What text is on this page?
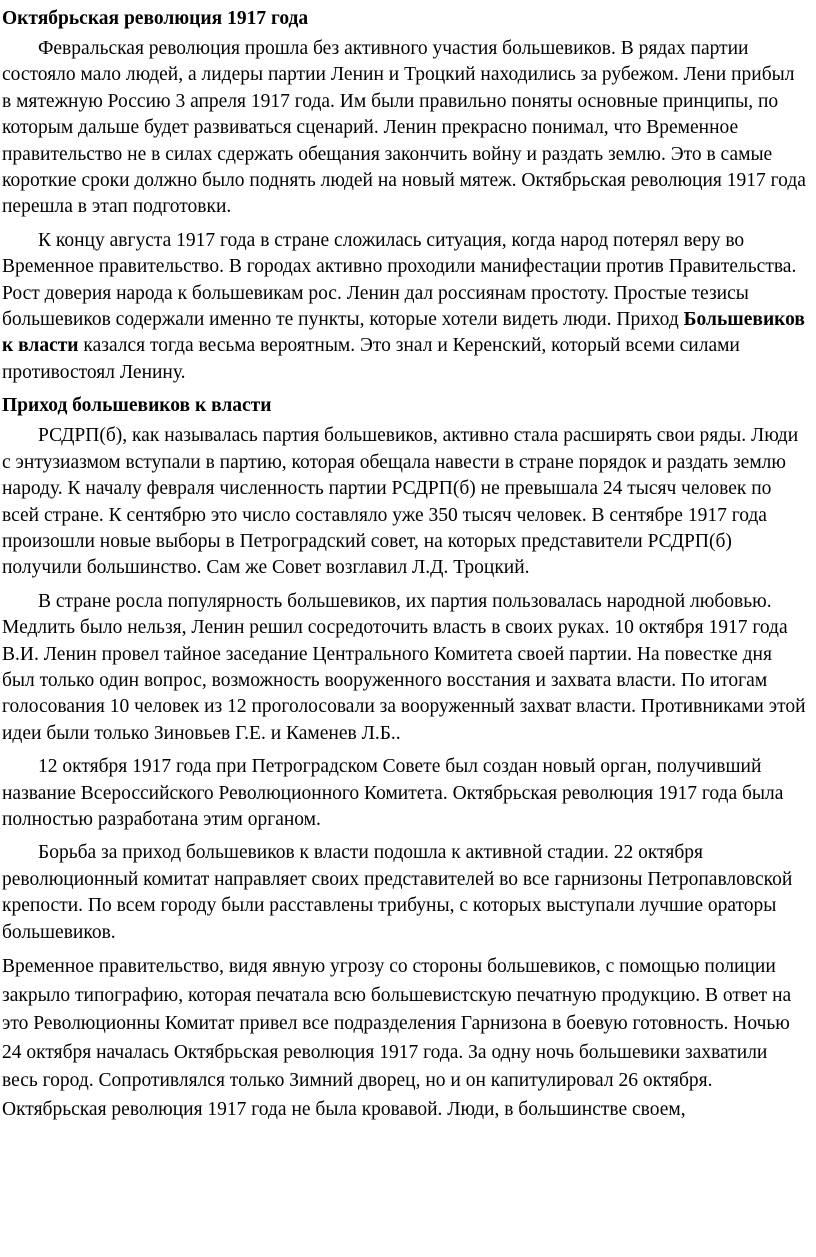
Октябрьская революция 1917 года

Февральская революция прошла без активного участия большевиков. В рядах партии состояло мало людей, а лидеры партии Ленин и Троцкий находились за рубежом. Лени прибыл в мятежную Россию 3 апреля 1917 года. Им были правильно поняты основные принципы, по которым дальше будет развиваться сценарий. Ленин прекрасно понимал, что Временное правительство не в силах сдержать обещания закончить войну и раздать землю. Это в самые короткие сроки должно было поднять людей на новый мятеж. Октябрьская революция 1917 года перешла в этап подготовки.

К концу августа 1917 года в стране сложилась ситуация, когда народ потерял веру во Временное правительство. В городах активно проходили манифестации против Правительства. Рост доверия народа к большевикам рос. Ленин дал россиянам простоту. Простые тезисы большевиков содержали именно те пункты, которые хотели видеть люди. Приход Большевиков к власти казался тогда весьма вероятным. Это знал и Керенский, который всеми силами противостоял Ленину.

Приход большевиков к власти

РСДРП(б), как называлась партия большевиков, активно стала расширять свои ряды. Люди с энтузиазмом вступали в партию, которая обещала навести в стране порядок и раздать землю народу. К началу февраля численность партии РСДРП(б) не превышала 24 тысяч человек по всей стране. К сентябрю это число составляло уже 350 тысяч человек. В сентябре 1917 года произошли новые выборы в Петроградский совет, на которых представители РСДРП(б) получили большинство. Сам же Совет возглавил Л.Д. Троцкий.

В стране росла популярность большевиков, их партия пользовалась народной любовью. Медлить было нельзя, Ленин решил сосредоточить власть в своих руках. 10 октября 1917 года В.И. Ленин провел тайное заседание Центрального Комитета своей партии. На повестке дня был только один вопрос, возможность вооруженного восстания и захвата власти. По итогам голосования 10 человек из 12 проголосовали за вооруженный захват власти. Противниками этой идеи были только Зиновьев Г.Е. и Каменев Л.Б..

12 октября 1917 года при Петроградском Совете был создан новый орган, получивший название Всероссийского Революционного Комитета. Октябрьская революция 1917 года была полностью разработана этим органом.

Борьба за приход большевиков к власти подошла к активной стадии. 22 октября революционный комитат направляет своих представителей во все гарнизоны Петропавловской крепости. По всем городу были расставлены трибуны, с которых выступали лучшие ораторы большевиков.

Временное правительство, видя явную угрозу со стороны большевиков, с помощью полиции закрыло типографию, которая печатала всю большевистскую печатную продукцию. В ответ на это Революционны Комитат привел все подразделения Гарнизона в боевую готовность. Ночью 24 октября началась Октябрьская революция 1917 года. За одну ночь большевики захватили весь город. Сопротивлялся только Зимний дворец, но и он капитулировал 26 октября. Октябрьская революция 1917 года не была кровавой. Люди, в большинстве своем,
